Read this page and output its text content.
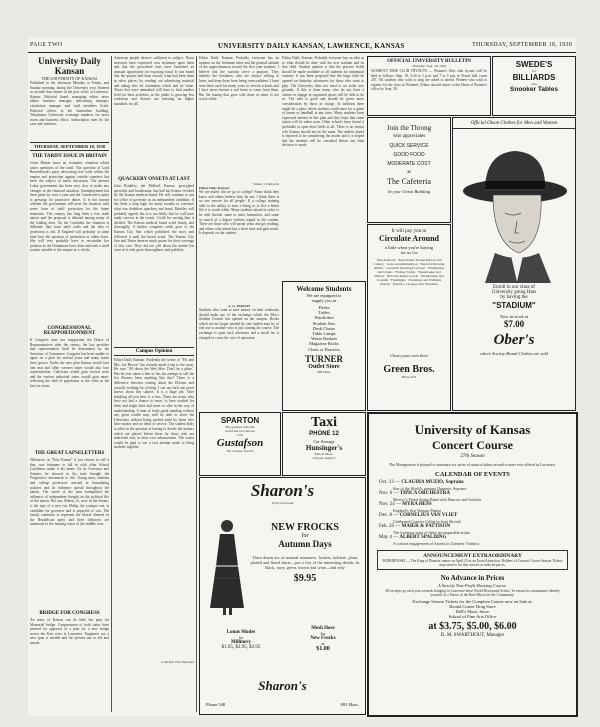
PAGE TWO	UNIVERSITY DAILY KANSAN, LAWRENCE, KANSAS	THURSDAY, SEPTEMBER 18, 1930
University Daily Kansan
THE UNIVERSITY OF KANSAS
Published in the afternoon Monday to Friday, and Sunday morning, during the University year. Entered as second-class matter at the post office at Lawrence, Kansas. Editorial board, managing editor, news editor, business manager, advertising manager, circulation manager and staff members listed. Editorial offices in the Journalism building. Telephones University exchange numbers for news room and business office. Subscription rates by the year and semester.
THURSDAY, SEPTEMBER 18, 1930
THE TARIFF ISSUE IN BRITAIN
Great Britain faces an economic situation which raises questions of the tariff. The question of Lord Beaverbrook's party advocating free trade within the empire and protection against outside countries has been the subject of much discussion. The present Labor government has been very slow to make any changes in the financial situation. Unemployment has been great for over a year and the Conservative party is pressing for protective duties. It is not known whether the government will meet the situation with some form of tariff protection for the home industries. The country has long been a free trade nation and the proposal is debated among many of the leading men. On the Continent the situation is different; they have tariff walls and the idea of protection is old. If England will probably at some time face the question of protection as others have. She will very probably have to reconsider her position as the Dominions have done and seek a tariff system suitable to the empire as a whole.
CONGRESSIONAL REAPPORTIONMENT
If Congress does not reapportion the House of Representatives after the census, the law provides that representation shall be determined by the Secretary of Commerce. Congress has been unable to agree on a plan for several years and many states have grown. Under the new plan Kansas would lose one seat and other western states would also lose representation. California would gain several seats and the eastern industrial states would gain more, reflecting the shift of population to the cities in the last ten years.
THE GREAT LAPSELETTERS
Whenever, as "Fritz Kuenn" if you choose to call it that, was fortunate to fall in with older School Lafollettes make it his home. As its Governor and Senator, he showed in his state brought the Progressive movement to life. Young men, students and college professors assisted in formulating policies and its influence spread throughout the nation. The career of the man exemplified the influence of independent thought on the political life of the nation. His son, Robert, Jr., now in the Senate, is the type of a new era. Philip, the younger son, is candidate for governor and is expected to win. The family continues to represent the liberal element in the Republican party and their followers are numerous in the farming states of the middle west.
BRIDGE FOR CONGRESS
An army of Kansas can do little but pray for Memorial bridge. Congressmen of both states have pressed for approval of a plan for a new bridge across the Kaw river at Lawrence. Engineers say a new span is needed and the present one is old and unsafe.
American people deserve sufficient to subject. Those assessors have expressed own testimony upon them and that the prescribed tests have furnished an unusual opportunity for exposing fraud. It was found that the quacks had done exactly what had been done in other places, by sending out advertising material and taking fees for treatments which had no value. Those that were unmasked will have to find another field for their activities, as the public is growing less credulous and doctors are insisting on higher standards for all.
QUACKERY ONSETS AT LAST
John Brinkley, the Milford, Kansas, goat-gland specialist and broadcaster, has had his license revoked by the Kansas medical board. He will continue to run for office of governor as an independent candidate. It has been a long fight for many months to convince what was doubtless quackery and fraud. Brinkley will probably appeal, but it is not likely that he will have ready success in the courts. Credit for ousting him is divided. The Kansas medical board acted firmly, and thoroughly. A further complete credit goes to the Kansas City Star which published the story and followed it until the board acted. The Kansas City Star and Times deserve much praise for their coverage of this case. They did not yell about the matter but went at it with great thoroughness and publicity.
Campus Opinion
Editor Daily Kansan: Evidently the writer of "Mr. and Mrs. Joe Brown" has recently made a trip to the coast. He says "All about the Wee Moe. Don't be a piker." Has he ever taken a bite or has his attempt to sell the Joe Browns been anything like this? There is a difference between writing about the Browns and actually working for a living. I can say each one proof knows about this subject. It is a huge job. After finishing all you have is a loss. There are many who have not had a chance to serve, to have worked for them and might have had more to offer in the way of understanding. A man of fairly good standing without any great wealth may well be able to serve the University without being pushed aside by those who have money and no ideas of service. The student body is often in the position of having to decide the matters which are placed before them by those who are interested only in their own advancement. The writer would be glad to see a real attempt made to bring students together.
A Student Who Enrolled
Editor Daily Kansan: Probably everyone has an opinion on the freshman rules and the general attitude of the upperclassmen toward the first year students. I believe that the customs serve a purpose. They identify the freshmen, who are always willing to learn, and keep them from being overconfident. I have seen them used for many years in several schools and I have never known a real harm to come from them. But the hazing that goes with them at times is not worth while.
Sidney J. Delbruck
Editor Daily Kansan:
We are asked, did we go to college? Some think they know and others believe they do not. I think there is no one answer for all people. If a college training adds to the ability to earn a living or to live a better life it is worth while. Many students attend in order to be with friends, some to enter fraternities, and some in search of a degree without regard to the content. There are those who will spend years and get nothing, and others who attend but a short time and gain much. It depends on the student.
Editor Daily Kansan: Probably everyone has an idea as to what should be done with the new stadium and its fine field. Student opinion is that the practice fields should be made available to all students for intramural contests. It has been proposed that the large field be opened on Saturday afternoons for those who want to play. The University does not need to set aside new grounds. If this is done many who do not have a chance to engage in organized sports will be able to do so. The idea is good and should be given more consideration by those in charge. In addition there might be a place where students could meet for a game of tennis or handball at any time. Many students have expressed interest in this plan and they hope that some action will be taken soon. Other schools have found it profitable to open their fields to all. There is no reason why Kansas should not do the same. The athletic board is reported to be considering the matter and it is hoped that the students will be consulted before any final decision is made.
OFFICIAL UNIVERSITY BULLETIN
Thursday, Sept. 18, 1930
WOMEN'S TIME CLUB TRYOUTS — Women's Glee club tryouts will be held as follows: Sept. 18, 3:30 to 5 p.m. and 7 to 9 p.m. in Fraser hall, room 207. All students who wish to sing are asked to attend. Women who wish to register for the class in Women's Affairs should report to the Dean of Women's office by Sept. 20.
SWEDE'S
for
BILLIARDS
also
Snooker Tables
Join the Throng
who appreciates
QUICK SERVICE
GOOD FOOD
MODERATE COST
at
The Cafeteria
In your Union Building
Official Olson Clothes for Men and Women
Enroll in our class of
University going Hats
by having the
"STADIUM"
Now in stock at
$7.00
Ober's
where Society Brand Clothes are sold
It will pay you to
Circulate Around
a little when you're buying
for us for
Yale Padlocks · Keen Kutter Pocket Knives and Cutlery · Guns and Ammunition · Duofold Drawing Outfits · Goodrich Sporting Footwear · Windbreaks and Ulsters · Fishing Tackle · Wastebasket and Willow · Ball and Tennis Goods · Weatherstrip and Ironside · Flashlights · Eversharp and Williams Pencils · Pointers, Lacquers and Varnishes
Clean your cars here
Green Bros.
Phone 633
A. G. MARCH
Students who want to save money on their textbooks should make use of the exchange which the Men's Student Council has opened on the campus. Books which are no longer needed by one student may be of real use to another who is just starting the course. The exchange is open each afternoon and a small fee is charged to cover the cost of operation.
Welcome Students
We are equipped to
supply you in
Desks
Tables
Wardrobes
Student Sets
Desk Chairs
Table Lamps
Waste Baskets
Magazine Racks
Chest or Drawers
TURNER
Outlet Store
928 Mass.
Taxi
PHONE 12
Car Storage
Hunsinger's
920-22 Mass.
Chrysler Agency
SPARTON
The greatest radio the
world has ever known
Call
Gustafson
The College Jeweler
Sharon's
Styles that Lead
NEW FROCKS
for
Autumn Days
Three dozen are of unusual smartness. Jackets, bolstere, plain, plaited and flared skirts—just a few of the interesting details. In black, navy, green, brown and wine—and only
$9.95
Lonus Modes
in
Millinery
$1.95, $2.95, $3.95
Mesh Hose
for
New Frocks
at
$1.00
Sharon's
Phone 548	803 Mass.
University of Kansas
Concert Course
27th Season
The Management is pleased to announce six series of musical talent second to none ever offered in Lawrence.
CALENDAR OF EVENTS
Oct. 13 — CLAUDIA MUZIO, Soprano
Star of the World's greatest Dramatic Soprano
Nov. 6 — TIPICA ORCHESTRA
Mexico's Finest String Band with Dancers and Soloists
Nov. 24 — MYRA HESS
England's first Woman Pianist
Dec. 8 — CORNELIUS VAN VLIET
Celebrated Concert Cellist in Joint Recital
Feb. 26 — MAIER & PATTISON
The foremost team of these incomparable artists
May 4 — ALBERT SPALDING
A concert engagement of America's Greatest Violinist
ANNOUNCEMENT EXTRAORDINARY
PADEREWSKI — The King of Pianists comes on April 23 as an Extra Attraction. Holders of Concert Course Season Tickets may reserve for this concert at reduced prices.
No Advance in Prices
A Strictly Non-Profit Showing Course.
All receipts go each year towards bringing to Lawrence these World-Renowned Artists. To ensure its continuance identify yourself as a Patron of the Best Music for the Community.
Exchange Season Tickets for the Complete Course now on Sale at:
Round Corner Drug Store
Bell's Music Store
School of Fine Arts Office
at $3.75, $5.00, $6.00
D. M. SWARTHOUT, Manager
